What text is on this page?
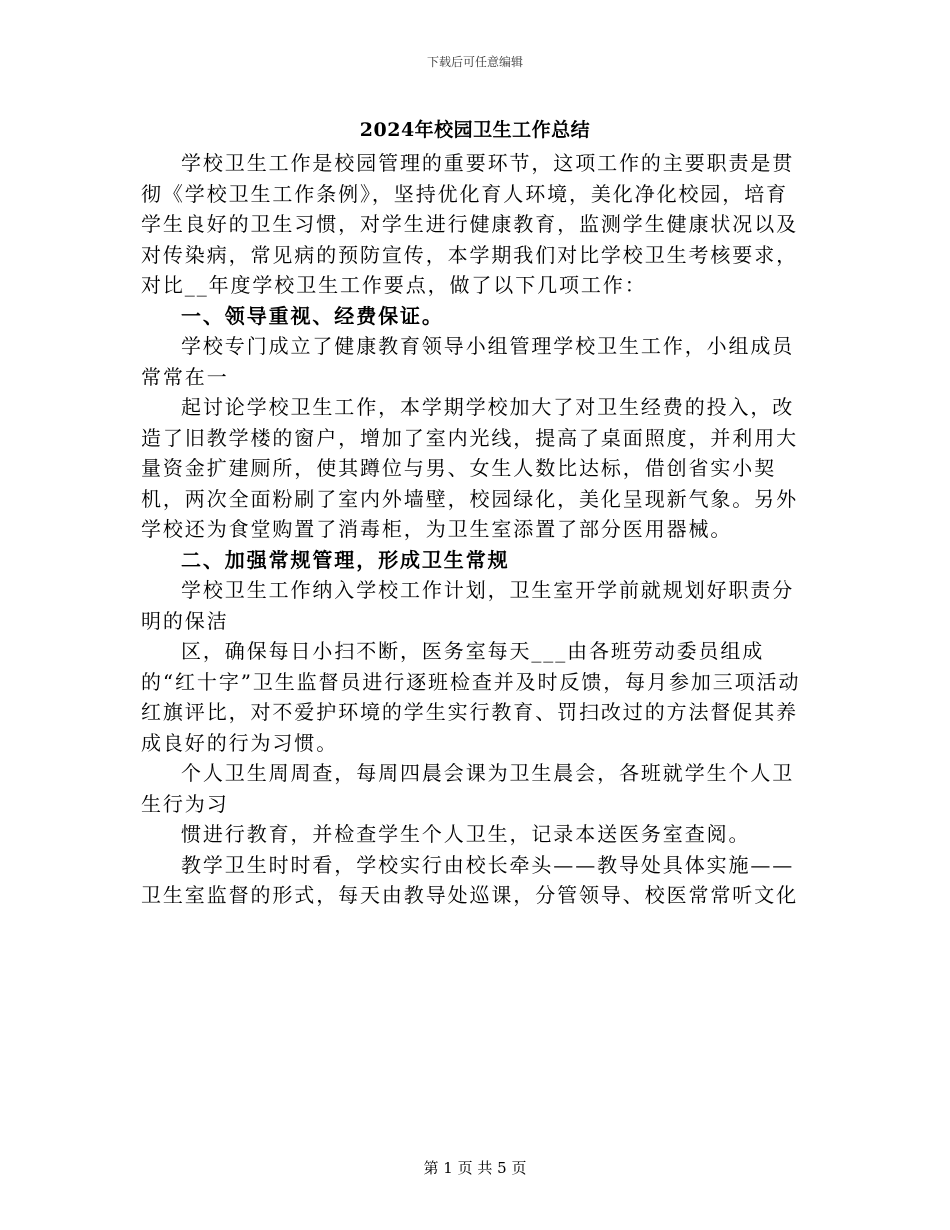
下载后可任意编辑
2024年校园卫生工作总结

学校卫生工作是校园管理的重要环节，这项工作的主要职责是贯彻《学校卫生工作条例》，坚持优化育人环境，美化净化校园，培育学生良好的卫生习惯，对学生进行健康教育，监测学生健康状况以及对传染病，常见病的预防宣传，本学期我们对比学校卫生考核要求，对比__年度学校卫生工作要点，做了以下几项工作：

一、领导重视、经费保证。

学校专门成立了健康教育领导小组管理学校卫生工作，小组成员常常在一

起讨论学校卫生工作，本学期学校加大了对卫生经费的投入，改造了旧教学楼的窗户，增加了室内光线，提高了桌面照度，并利用大量资金扩建厕所，使其蹲位与男、女生人数比达标，借创省实小契机，两次全面粉刷了室内外墙壁，校园绿化，美化呈现新气象。另外学校还为食堂购置了消毒柜，为卫生室添置了部分医用器械。

二、加强常规管理，形成卫生常规

学校卫生工作纳入学校工作计划，卫生室开学前就规划好职责分明的保洁

区，确保每日小扫不断，医务室每天___由各班劳动委员组成的“红十字”卫生监督员进行逐班检查并及时反馈，每月参加三项活动红旗评比，对不爱护环境的学生实行教育、罚扫改过的方法督促其养成良好的行为习惯。

个人卫生周周查，每周四晨会课为卫生晨会，各班就学生个人卫生行为习

惯进行教育，并检查学生个人卫生，记录本送医务室查阅。

教学卫生时时看，学校实行由校长牵头——教导处具体实施——卫生室监督的形式，每天由教导处巡课，分管领导、校医常常听文化

第 1 页 共 5 页
